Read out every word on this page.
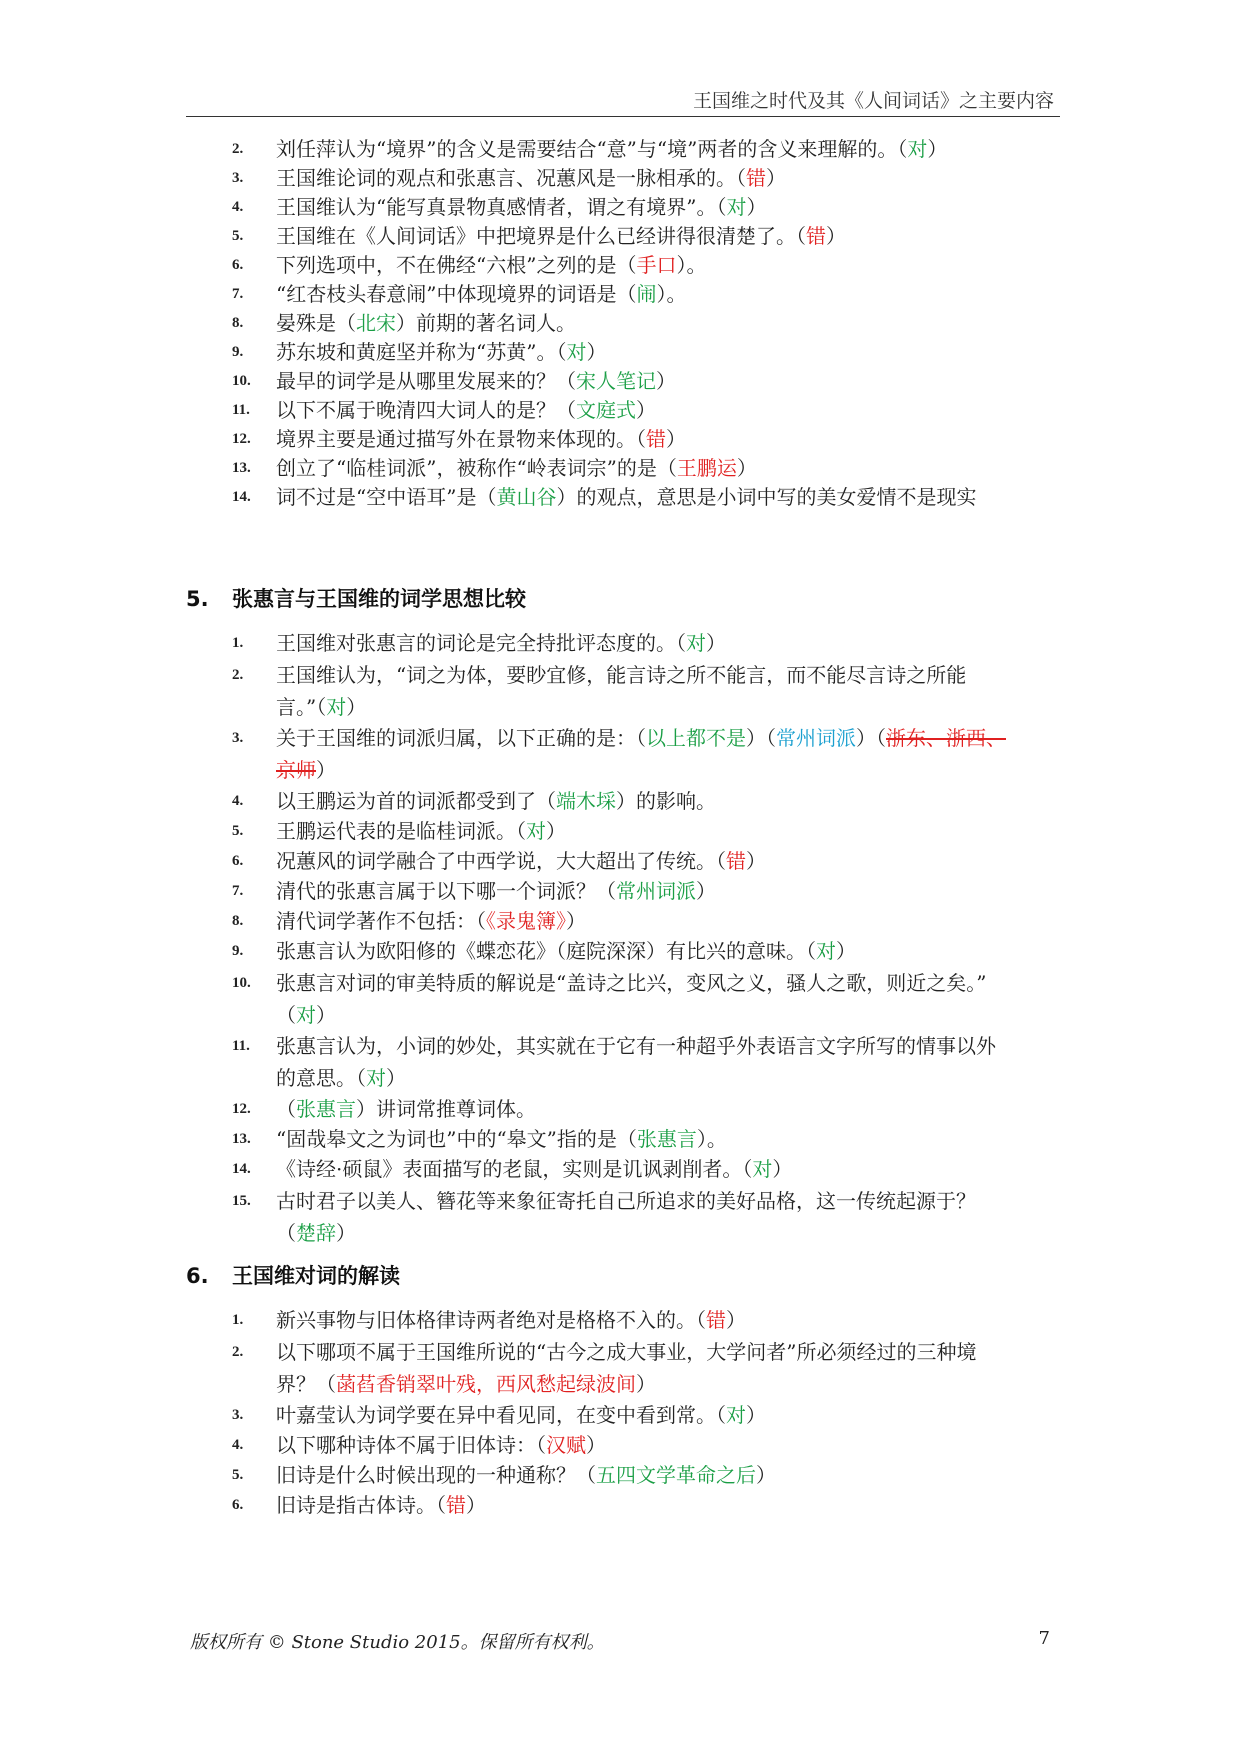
王国维之时代及其《人间词话》之主要内容
2. 刘任萍认为“境界”的含义是需要结合“意”与“境”两者的含义来理解的。（对）
3. 王国维论词的观点和张惠言、况蕙风是一脉相承的。（错）
4. 王国维认为“能写真景物真感情者，谓之有境界”。（对）
5. 王国维在《人间词话》中把境界是什么已经讲得很清楚了。（错）
6. 下列选项中，不在佛经“六根”之列的是（手口）。
7. “红杏枝头春意闹”中体现境界的词语是（闹）。
8. 晏殊是（北宋）前期的著名词人。
9. 苏东坡和黄庭坚并称为“苏黄”。（对）
10. 最早的词学是从哪里发展来的？（宋人笔记）
11. 以下不属于晚清四大词人的是？（文庭式）
12. 境界主要是通过描写外在景物来体现的。（错）
13. 创立了“临桂词派”，被称作“岭表词宗”的是（王鹏运）
14. 词不过是“空中语耳”是（黄山谷）的观点，意思是小词中写的美女爱情不是现实
5. 张惠言与王国维的词学思想比较
1. 王国维对张惠言的词论是完全持批评态度的。（对）
2. 王国维认为，“词之为体，要眇宜修，能言诗之所不能言，而不能尽言诗之所能
言。”（对）
3. 关于王国维的词派归属，以下正确的是：（以上都不是）（常州词派）（浙东、浙西、
京师）
4. 以王鹏运为首的词派都受到了（端木埰）的影响。
5. 王鹏运代表的是临桂词派。（对）
6. 况蕙风的词学融合了中西学说，大大超出了传统。（错）
7. 清代的张惠言属于以下哪一个词派？（常州词派）
8. 清代词学著作不包括：（《录鬼簿》）
9. 张惠言认为欧阳修的《蝶恋花》（庭院深深）有比兴的意味。（对）
10. 张惠言对词的审美特质的解说是“盖诗之比兴，变风之义，骚人之歌，则近之矣。”
（对）
11. 张惠言认为，小词的妙处，其实就在于它有一种超乎外表语言文字所写的情事以外
的意思。（对）
12. （张惠言）讲词常推尊词体。
13. “固哉皋文之为词也”中的“皋文”指的是（张惠言）。
14. 《诗经·硕鼠》表面描写的老鼠，实则是讥讽剥削者。（对）
15. 古时君子以美人、簪花等来象征寄托自己所追求的美好品格，这一传统起源于？
（楚辞）
6. 王国维对词的解读
1. 新兴事物与旧体格律诗两者绝对是格格不入的。（错）
2. 以下哪项不属于王国维所说的“古今之成大事业，大学问者”所必须经过的三种境
界？（菡萏香销翠叶残，西风愁起绿波间）
3. 叶嘉莹认为词学要在异中看见同，在变中看到常。（对）
4. 以下哪种诗体不属于旧体诗：（汉赋）
5. 旧诗是什么时候出现的一种通称？（五四文学革命之后）
6. 旧诗是指古体诗。（错）
版权所有 © Stone Studio 2015。保留所有权利。	7
